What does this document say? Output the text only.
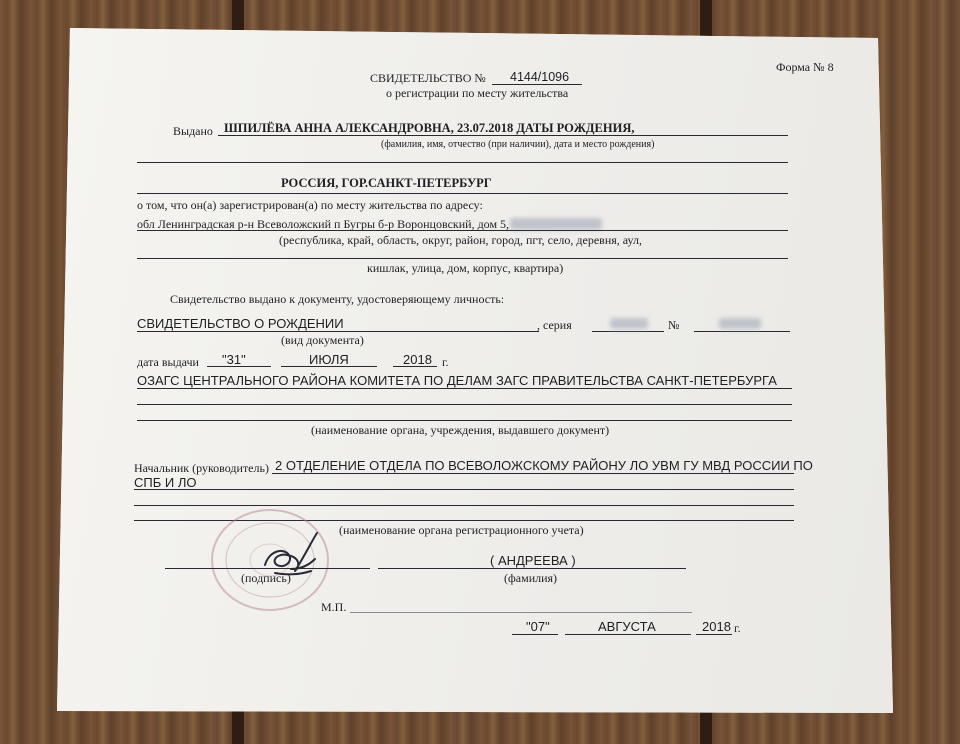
Форма № 8
СВИДЕТЕЛЬСТВО № 4144/1096
о регистрации по месту жительства
Выдано ШПИЛЁВА АННА АЛЕКСАНДРОВНА, 23.07.2018 ДАТЫ РОЖДЕНИЯ,
(фамилия, имя, отчество (при наличии), дата и место рождения)
РОССИЯ, ГОР.САНКТ-ПЕТЕРБУРГ
о том, что он(а) зарегистрирован(а) по месту жительства по адресу:
обл Ленинградская р-н Всеволожский п Бугры б-р Воронцовский, дом 5,
(республика, край, область, округ, район, город, пгт, село, деревня, аул,
кишлак, улица, дом, корпус, квартира)
Свидетельство выдано к документу, удостоверяющему личность:
СВИДЕТЕЛЬСТВО О РОЖДЕНИИ	, серия	№
(вид документа)
дата выдачи "31"	ИЮЛЯ	2018 г.
ОЗАГС ЦЕНТРАЛЬНОГО РАЙОНА КОМИТЕТА ПО ДЕЛАМ ЗАГС ПРАВИТЕЛЬСТВА САНКТ-ПЕТЕРБУРГА
(наименование органа, учреждения, выдавшего документ)
Начальник (руководитель) 2 ОТДЕЛЕНИЕ ОТДЕЛА ПО ВСЕВОЛОЖСКОМУ РАЙОНУ ЛО УВМ ГУ МВД РОССИИ ПО
СПБ И ЛО
(наименование органа регистрационного учета)
( АНДРЕЕВА )
(подпись)	(фамилия)
М.П.
"07"	АВГУСТА	2018 г.
